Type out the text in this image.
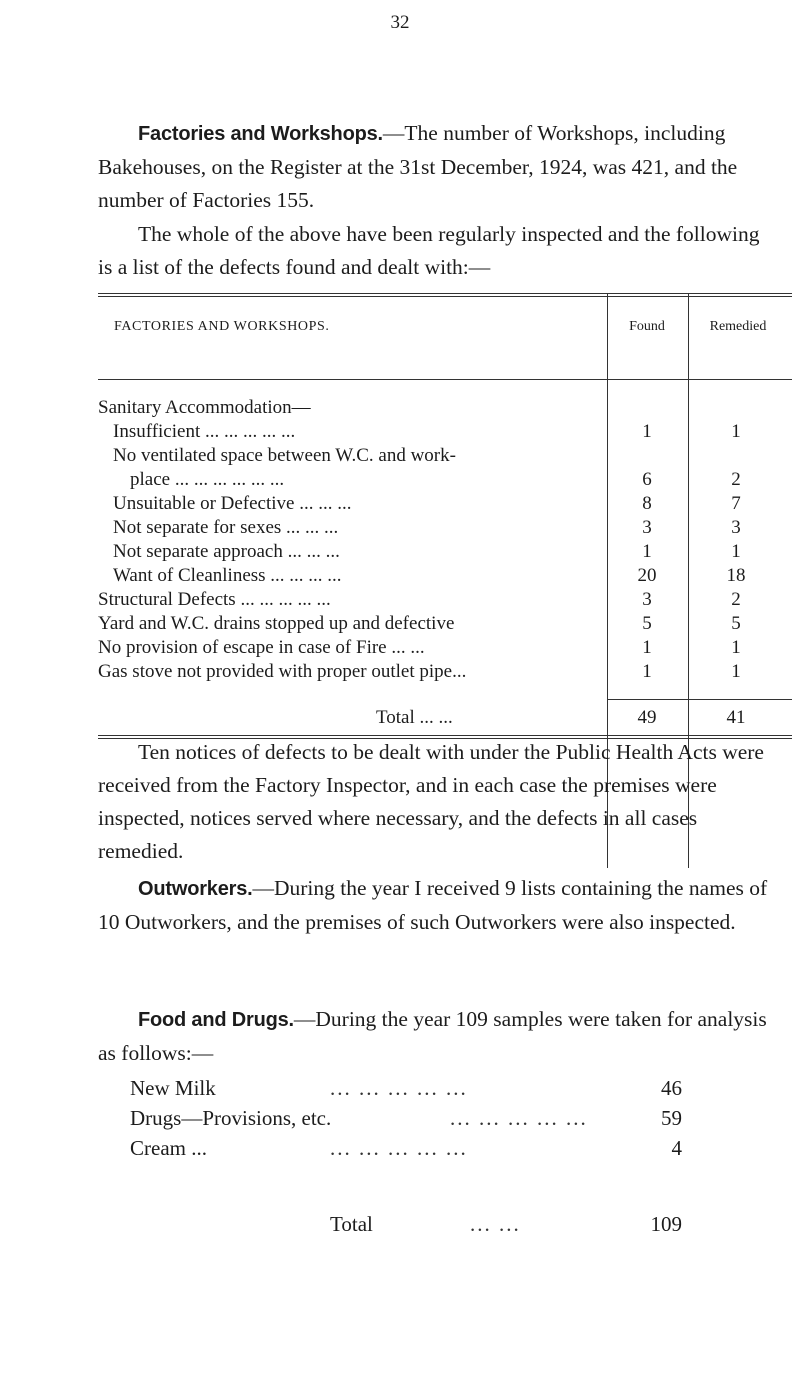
32

Factories and Workshops.—The number of Workshops, including Bakehouses, on the Register at the 31st December, 1924, was 421, and the number of Factories 155.

The whole of the above have been regularly inspected and the following is a list of the defects found and dealt with:—

FACTORIES AND WORKSHOPS.	Found	Remedied
Sanitary Accommodation—
Insufficient ... ... ... ... ...	1	1
No ventilated space between W.C. and work-
place ... ... ... ... ... ...	6	2
Unsuitable or Defective ... ... ...	8	7
Not separate for sexes ... ... ...	3	3
Not separate approach ... ... ...	1	1
Want of Cleanliness ... ... ... ...	20	18
Structural Defects ... ... ... ... ...	3	2
Yard and W.C. drains stopped up and defective	5	5
No provision of escape in case of Fire ... ...	1	1
Gas stove not provided with proper outlet pipe...	1	1
Total ... ...	49	41

Ten notices of defects to be dealt with under the Public Health Acts were received from the Factory Inspector, and in each case the premises were inspected, notices served where necessary, and the defects in all cases remedied.

Outworkers.—During the year I received 9 lists containing the names of 10 Outworkers, and the premises of such Outworkers were also inspected.

Food and Drugs.—During the year 109 samples were taken for analysis as follows:—

New Milk	... ... ... ... ...	46
Drugs—Provisions, etc.	... ... ... ... ...	59
Cream ...	... ... ... ... ...	4
Total	... ...	109
